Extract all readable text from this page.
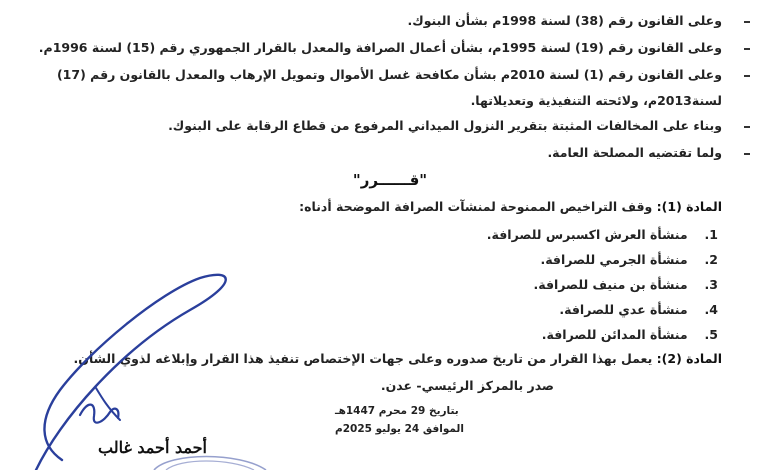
وعلى القانون رقم (38) لسنة 1998م بشأن البنوك.
وعلى القانون رقم (19) لسنة 1995م، بشأن أعمال الصرافة والمعدل بالقرار الجمهوري رقم (15) لسنة 1996م.
وعلى القانون رقم (1) لسنة 2010م بشأن مكافحة غسل الأموال وتمويل الإرهاب والمعدل بالقانون رقم (17)
لسنة2013م، ولائحته التنفيذية وتعديلاتها.
وبناء على المخالفات المثبتة بتقرير النزول الميداني المرفوع من قطاع الرقابة على البنوك.
ولما تقتضيه المصلحة العامة.
"قــــــرر"
المادة (1): وقف التراخيص الممنوحة لمنشآت الصرافة الموضحة أدناه:
1. منشأة العرش اكسبرس للصرافة.
2. منشأة الجرمي للصرافة.
3. منشأة بن منيف للصرافة.
4. منشأة عدي للصرافة.
5. منشأة المدائن للصرافة.
المادة (2): يعمل بهذا القرار من تاريخ صدوره وعلى جهات الإختصاص تنفيذ هذا القرار وإبلاغه لذوي الشأن.
صدر بالمركز الرئيسي- عدن.
بتاريخ 29 محرم 1447هـ
الموافق 24 يوليو 2025م
أحمد أحمد غالب
